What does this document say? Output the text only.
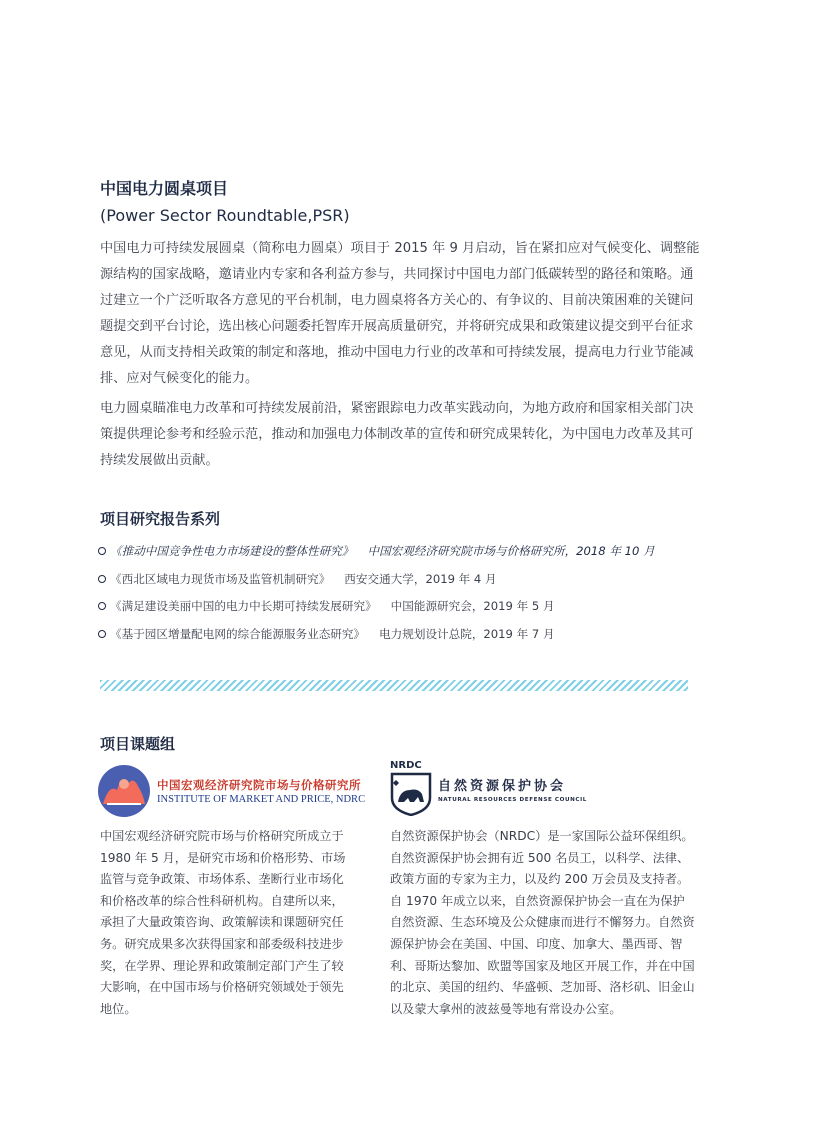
中国电力圆桌项目
(Power Sector Roundtable,PSR)
中国电力可持续发展圆桌（简称电力圆桌）项目于 2015 年 9 月启动，旨在紧扣应对气候变化、调整能源结构的国家战略，邀请业内专家和各利益方参与，共同探讨中国电力部门低碳转型的路径和策略。通过建立一个广泛听取各方意见的平台机制，电力圆桌将各方关心的、有争议的、目前决策困难的关键问题提交到平台讨论，选出核心问题委托智库开展高质量研究，并将研究成果和政策建议提交到平台征求意见，从而支持相关政策的制定和落地，推动中国电力行业的改革和可持续发展，提高电力行业节能减排、应对气候变化的能力。
电力圆桌瞄准电力改革和可持续发展前沿，紧密跟踪电力改革实践动向，为地方政府和国家相关部门决策提供理论参考和经验示范，推动和加强电力体制改革的宣传和研究成果转化，为中国电力改革及其可持续发展做出贡献。
项目研究报告系列
《推动中国竞争性电力市场建设的整体性研究》 中国宏观经济研究院市场与价格研究所，2018 年 10 月
《西北区域电力现货市场及监管机制研究》 西安交通大学，2019 年 4 月
《满足建设美丽中国的电力中长期可持续发展研究》 中国能源研究会，2019 年 5 月
《基于园区增量配电网的综合能源服务业态研究》 电力规划设计总院，2019 年 7 月
项目课题组
中国宏观经济研究院市场与价格研究所
INSTITUTE OF MARKET AND PRICE, NDRC
NRDC
自然资源保护协会
NATURAL RESOURCES DEFENSE COUNCIL
中国宏观经济研究院市场与价格研究所成立于 1980 年 5 月，是研究市场和价格形势、市场监管与竞争政策、市场体系、垄断行业市场化和价格改革的综合性科研机构。自建所以来，承担了大量政策咨询、政策解读和课题研究任务。研究成果多次获得国家和部委级科技进步奖，在学界、理论界和政策制定部门产生了较大影响，在中国市场与价格研究领域处于领先地位。
自然资源保护协会（NRDC）是一家国际公益环保组织。自然资源保护协会拥有近 500 名员工，以科学、法律、政策方面的专家为主力，以及约 200 万会员及支持者。自 1970 年成立以来，自然资源保护协会一直在为保护自然资源、生态环境及公众健康而进行不懈努力。自然资源保护协会在美国、中国、印度、加拿大、墨西哥、智利、哥斯达黎加、欧盟等国家及地区开展工作，并在中国的北京、美国的纽约、华盛顿、芝加哥、洛杉矶、旧金山以及蒙大拿州的波兹曼等地有常设办公室。
